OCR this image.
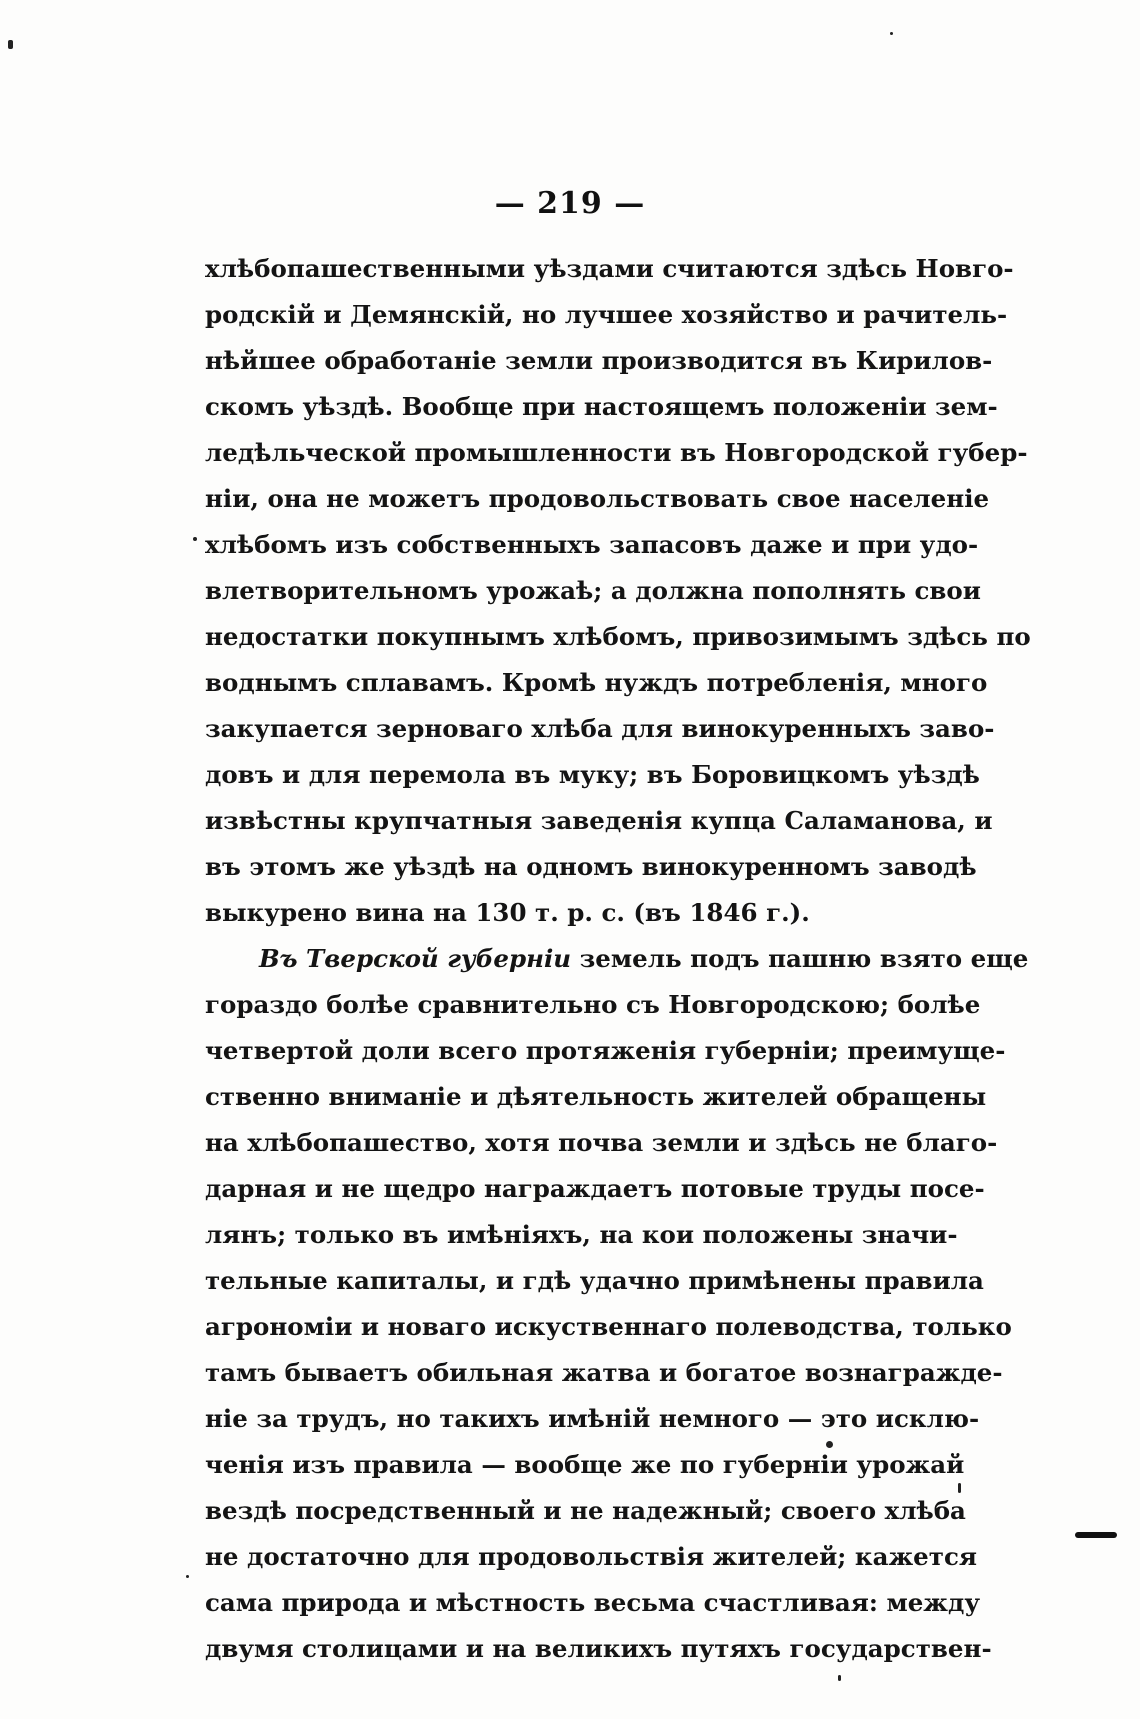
— 219 —
хлѣбопашественными уѣздами считаются здѣсь Новго-
родскій и Демянскій, но лучшее хозяйство и рачитель-
нѣйшее обработаніе земли производится въ Кирилов-
скомъ уѣздѣ. Вообще при настоящемъ положеніи зем-
ледѣльческой промышленности въ Новгородской губер-
ніи, она не можетъ продовольствовать свое населеніе
хлѣбомъ изъ собственныхъ запасовъ даже и при удо-
влетворительномъ урожаѣ; а должна пополнять свои
недостатки покупнымъ хлѣбомъ, привозимымъ здѣсь по
воднымъ сплавамъ. Кромѣ нуждъ потребленія, много
закупается зерноваго хлѣба для винокуренныхъ заво-
довъ и для перемола въ муку; въ Боровицкомъ уѣздѣ
извѣстны крупчатныя заведенія купца Саламанова, и
въ этомъ же уѣздѣ на одномъ винокуренномъ заводѣ
выкурено вина на 130 т. р. с. (въ 1846 г.).
Въ Тверской губерніи земель подъ пашню взято еще
гораздо болѣе сравнительно съ Новгородскою; болѣе
четвертой доли всего протяженія губерніи; преимуще-
ственно вниманіе и дѣятельность жителей обращены
на хлѣбопашество, хотя почва земли и здѣсь не благо-
дарная и не щедро награждаетъ потовые труды посе-
лянъ; только въ имѣніяхъ, на кои положены значи-
тельные капиталы, и гдѣ удачно примѣнены правила
агрономіи и новаго искуственнаго полеводства, только
тамъ бываетъ обильная жатва и богатое вознагражде-
ніе за трудъ, но такихъ имѣній немного — это исклю-
ченія изъ правила — вообще же по губерніи урожай
вездѣ посредственный и не надежный; своего хлѣба
не достаточно для продовольствія жителей; кажется
сама природа и мѣстность весьма счастливая: между
двумя столицами и на великихъ путяхъ государствен-
